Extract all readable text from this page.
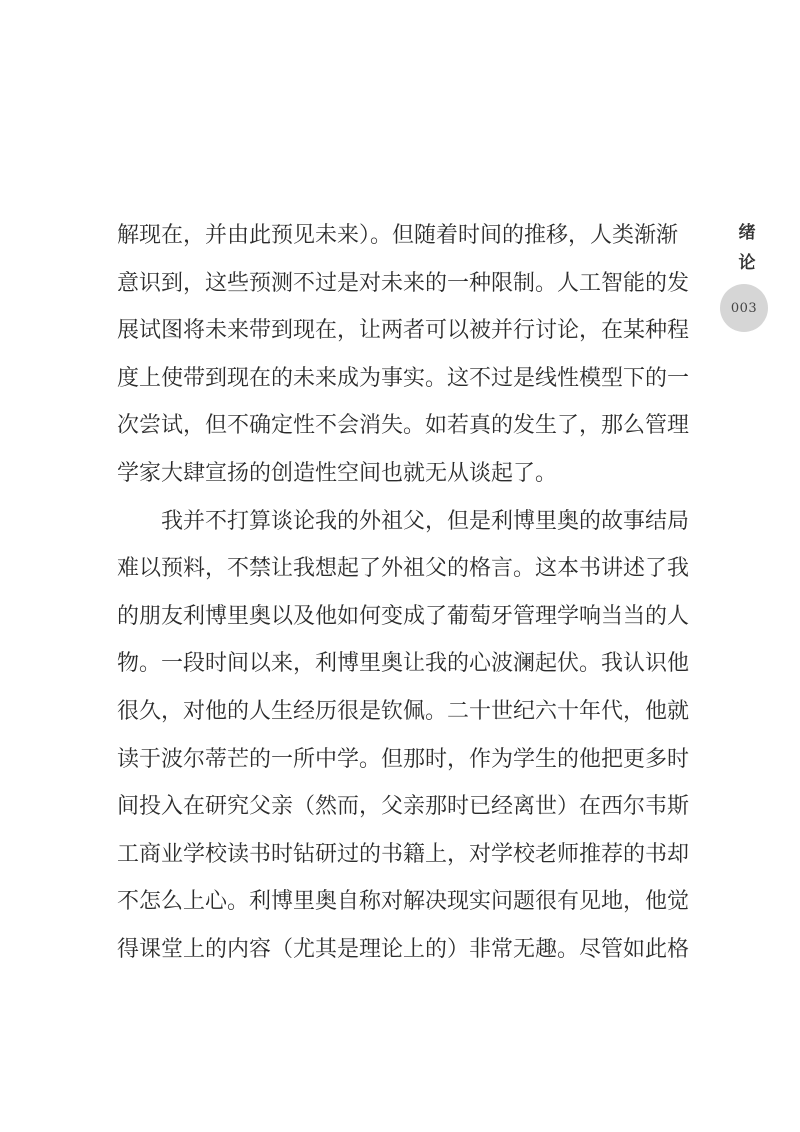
解现在，并由此预见未来）。但随着时间的推移，人类渐渐
意识到，这些预测不过是对未来的一种限制。人工智能的发
展试图将未来带到现在，让两者可以被并行讨论，在某种程
度上使带到现在的未来成为事实。这不过是线性模型下的一
次尝试，但不确定性不会消失。如若真的发生了，那么管理
学家大肆宣扬的创造性空间也就无从谈起了。
　　我并不打算谈论我的外祖父，但是利博里奥的故事结局
难以预料，不禁让我想起了外祖父的格言。这本书讲述了我
的朋友利博里奥以及他如何变成了葡萄牙管理学响当当的人
物。一段时间以来，利博里奥让我的心波澜起伏。我认识他
很久，对他的人生经历很是钦佩。二十世纪六十年代，他就
读于波尔蒂芒的一所中学。但那时，作为学生的他把更多时
间投入在研究父亲（然而，父亲那时已经离世）在西尔韦斯
工商业学校读书时钻研过的书籍上，对学校老师推荐的书却
不怎么上心。利博里奥自称对解决现实问题很有见地，他觉
得课堂上的内容（尤其是理论上的）非常无趣。尽管如此格
绪
论
003
